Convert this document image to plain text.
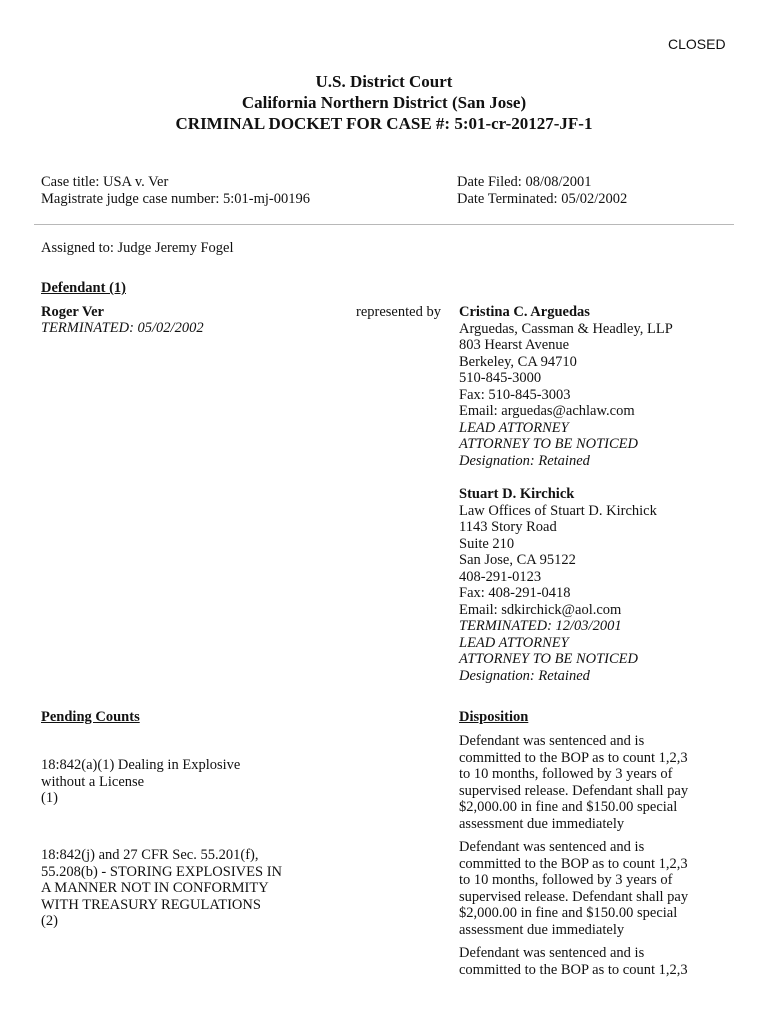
CLOSED
U.S. District Court
California Northern District (San Jose)
CRIMINAL DOCKET FOR CASE #: 5:01-cr-20127-JF-1
Case title: USA v. Ver
Magistrate judge case number: 5:01-mj-00196
Date Filed: 08/08/2001
Date Terminated: 05/02/2002
Assigned to: Judge Jeremy Fogel
Defendant (1)
Roger Ver
TERMINATED: 05/02/2002
represented by Cristina C. Arguedas
Arguedas, Cassman & Headley, LLP
803 Hearst Avenue
Berkeley, CA 94710
510-845-3000
Fax: 510-845-3003
Email: arguedas@achlaw.com
LEAD ATTORNEY
ATTORNEY TO BE NOTICED
Designation: Retained
Stuart D. Kirchick
Law Offices of Stuart D. Kirchick
1143 Story Road
Suite 210
San Jose, CA 95122
408-291-0123
Fax: 408-291-0418
Email: sdkirchick@aol.com
TERMINATED: 12/03/2001
LEAD ATTORNEY
ATTORNEY TO BE NOTICED
Designation: Retained
Pending Counts	Disposition
18:842(a)(1) Dealing in Explosive
without a License
(1)
Defendant was sentenced and is
committed to the BOP as to count 1,2,3
to 10 months, followed by 3 years of
supervised release. Defendant shall pay
$2,000.00 in fine and $150.00 special
assessment due immediately
18:842(j) and 27 CFR Sec. 55.201(f),
55.208(b) - STORING EXPLOSIVES IN
A MANNER NOT IN CONFORMITY
WITH TREASURY REGULATIONS
(2)
Defendant was sentenced and is
committed to the BOP as to count 1,2,3
to 10 months, followed by 3 years of
supervised release. Defendant shall pay
$2,000.00 in fine and $150.00 special
assessment due immediately
Defendant was sentenced and is
committed to the BOP as to count 1,2,3
